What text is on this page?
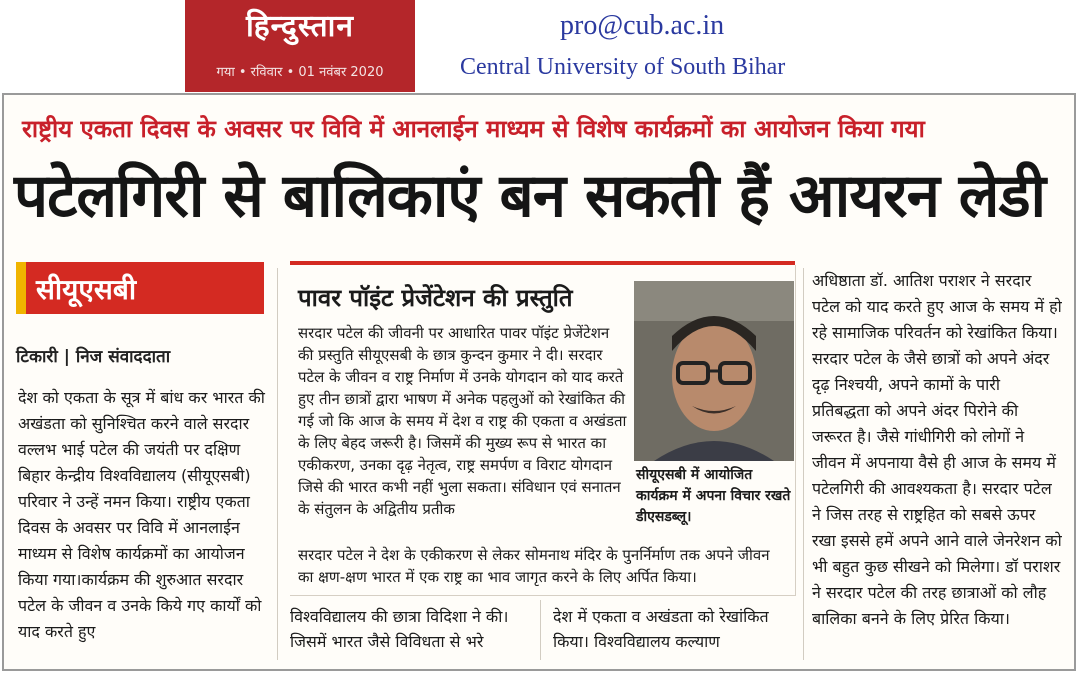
हिन्दुस्तान
गया • रविवार • 01 नवंबर 2020
pro@cub.ac.in
Central University of South Bihar
राष्ट्रीय एकता दिवस के अवसर पर विवि में आनलाईन माध्यम से विशेष कार्यक्रमों का आयोजन किया गया
पटेलगिरी से बालिकाएं बन सकती हैं आयरन लेडी
सीयूएसबी
टिकारी | निज संवाददाता
देश को एकता के सूत्र में बांध कर भारत की अखंडता को सुनिश्चित करने वाले सरदार वल्लभ भाई पटेल की जयंती पर दक्षिण बिहार केन्द्रीय विश्वविद्यालय (सीयूएसबी) परिवार ने उन्हें नमन किया। राष्ट्रीय एकता दिवस के अवसर पर विवि में आनलाईन माध्यम से विशेष कार्यक्रमों का आयोजन किया गया।कार्यक्रम की शुरुआत सरदार पटेल के जीवन व उनके किये गए कार्यों को याद करते हुए
पावर पॉइंट प्रेजेंटेशन की प्रस्तुति
सरदार पटेल की जीवनी पर आधारित पावर पॉइंट प्रेजेंटेशन की प्रस्तुति सीयूएसबी के छात्र कुन्दन कुमार ने दी। सरदार पटेल के जीवन व राष्ट्र निर्माण में उनके योगदान को याद करते हुए तीन छात्रों द्वारा भाषण में अनेक पहलुओं को रेखांकित की गई जो कि आज के समय में देश व राष्ट्र की एकता व अखंडता के लिए बेहद जरूरी है। जिसमें की मुख्य रूप से भारत का एकीकरण, उनका दृढ़ नेतृत्व, राष्ट्र समर्पण व विराट योगदान जिसे की भारत कभी नहीं भुला सकता। संविधान एवं सनातन के संतुलन के अद्वितीय प्रतीक
सरदार पटेल ने देश के एकीकरण से लेकर सोमनाथ मंदिर के पुनर्निर्माण तक अपने जीवन का क्षण-क्षण भारत में एक राष्ट्र का भाव जागृत करने के लिए अर्पित किया।
सीयूएसबी में आयोजित कार्यक्रम में अपना विचार रखते डीएसडब्लू।
विश्वविद्यालय की छात्रा विदिशा ने की। जिसमें भारत जैसे विविधता से भरे
देश में एकता व अखंडता को रेखांकित किया। विश्वविद्यालय कल्याण
अधिष्ठाता डॉ. आतिश पराशर ने सरदार पटेल को याद करते हुए आज के समय में हो रहे सामाजिक परिवर्तन को रेखांकित किया। सरदार पटेल के जैसे छात्रों को अपने अंदर दृढ़ निश्चयी, अपने कामों के पारी प्रतिबद्धता को अपने अंदर पिरोने की जरूरत है। जैसे गांधीगिरी को लोगों ने जीवन में अपनाया वैसे ही आज के समय में पटेलगिरी की आवश्यकता है। सरदार पटेल ने जिस तरह से राष्ट्रहित को सबसे ऊपर रखा इससे हमें अपने आने वाले जेनरेशन को भी बहुत कुछ सीखने को मिलेगा। डॉ पराशर ने सरदार पटेल की तरह छात्राओं को लौह बालिका बनने के लिए प्रेरित किया।
